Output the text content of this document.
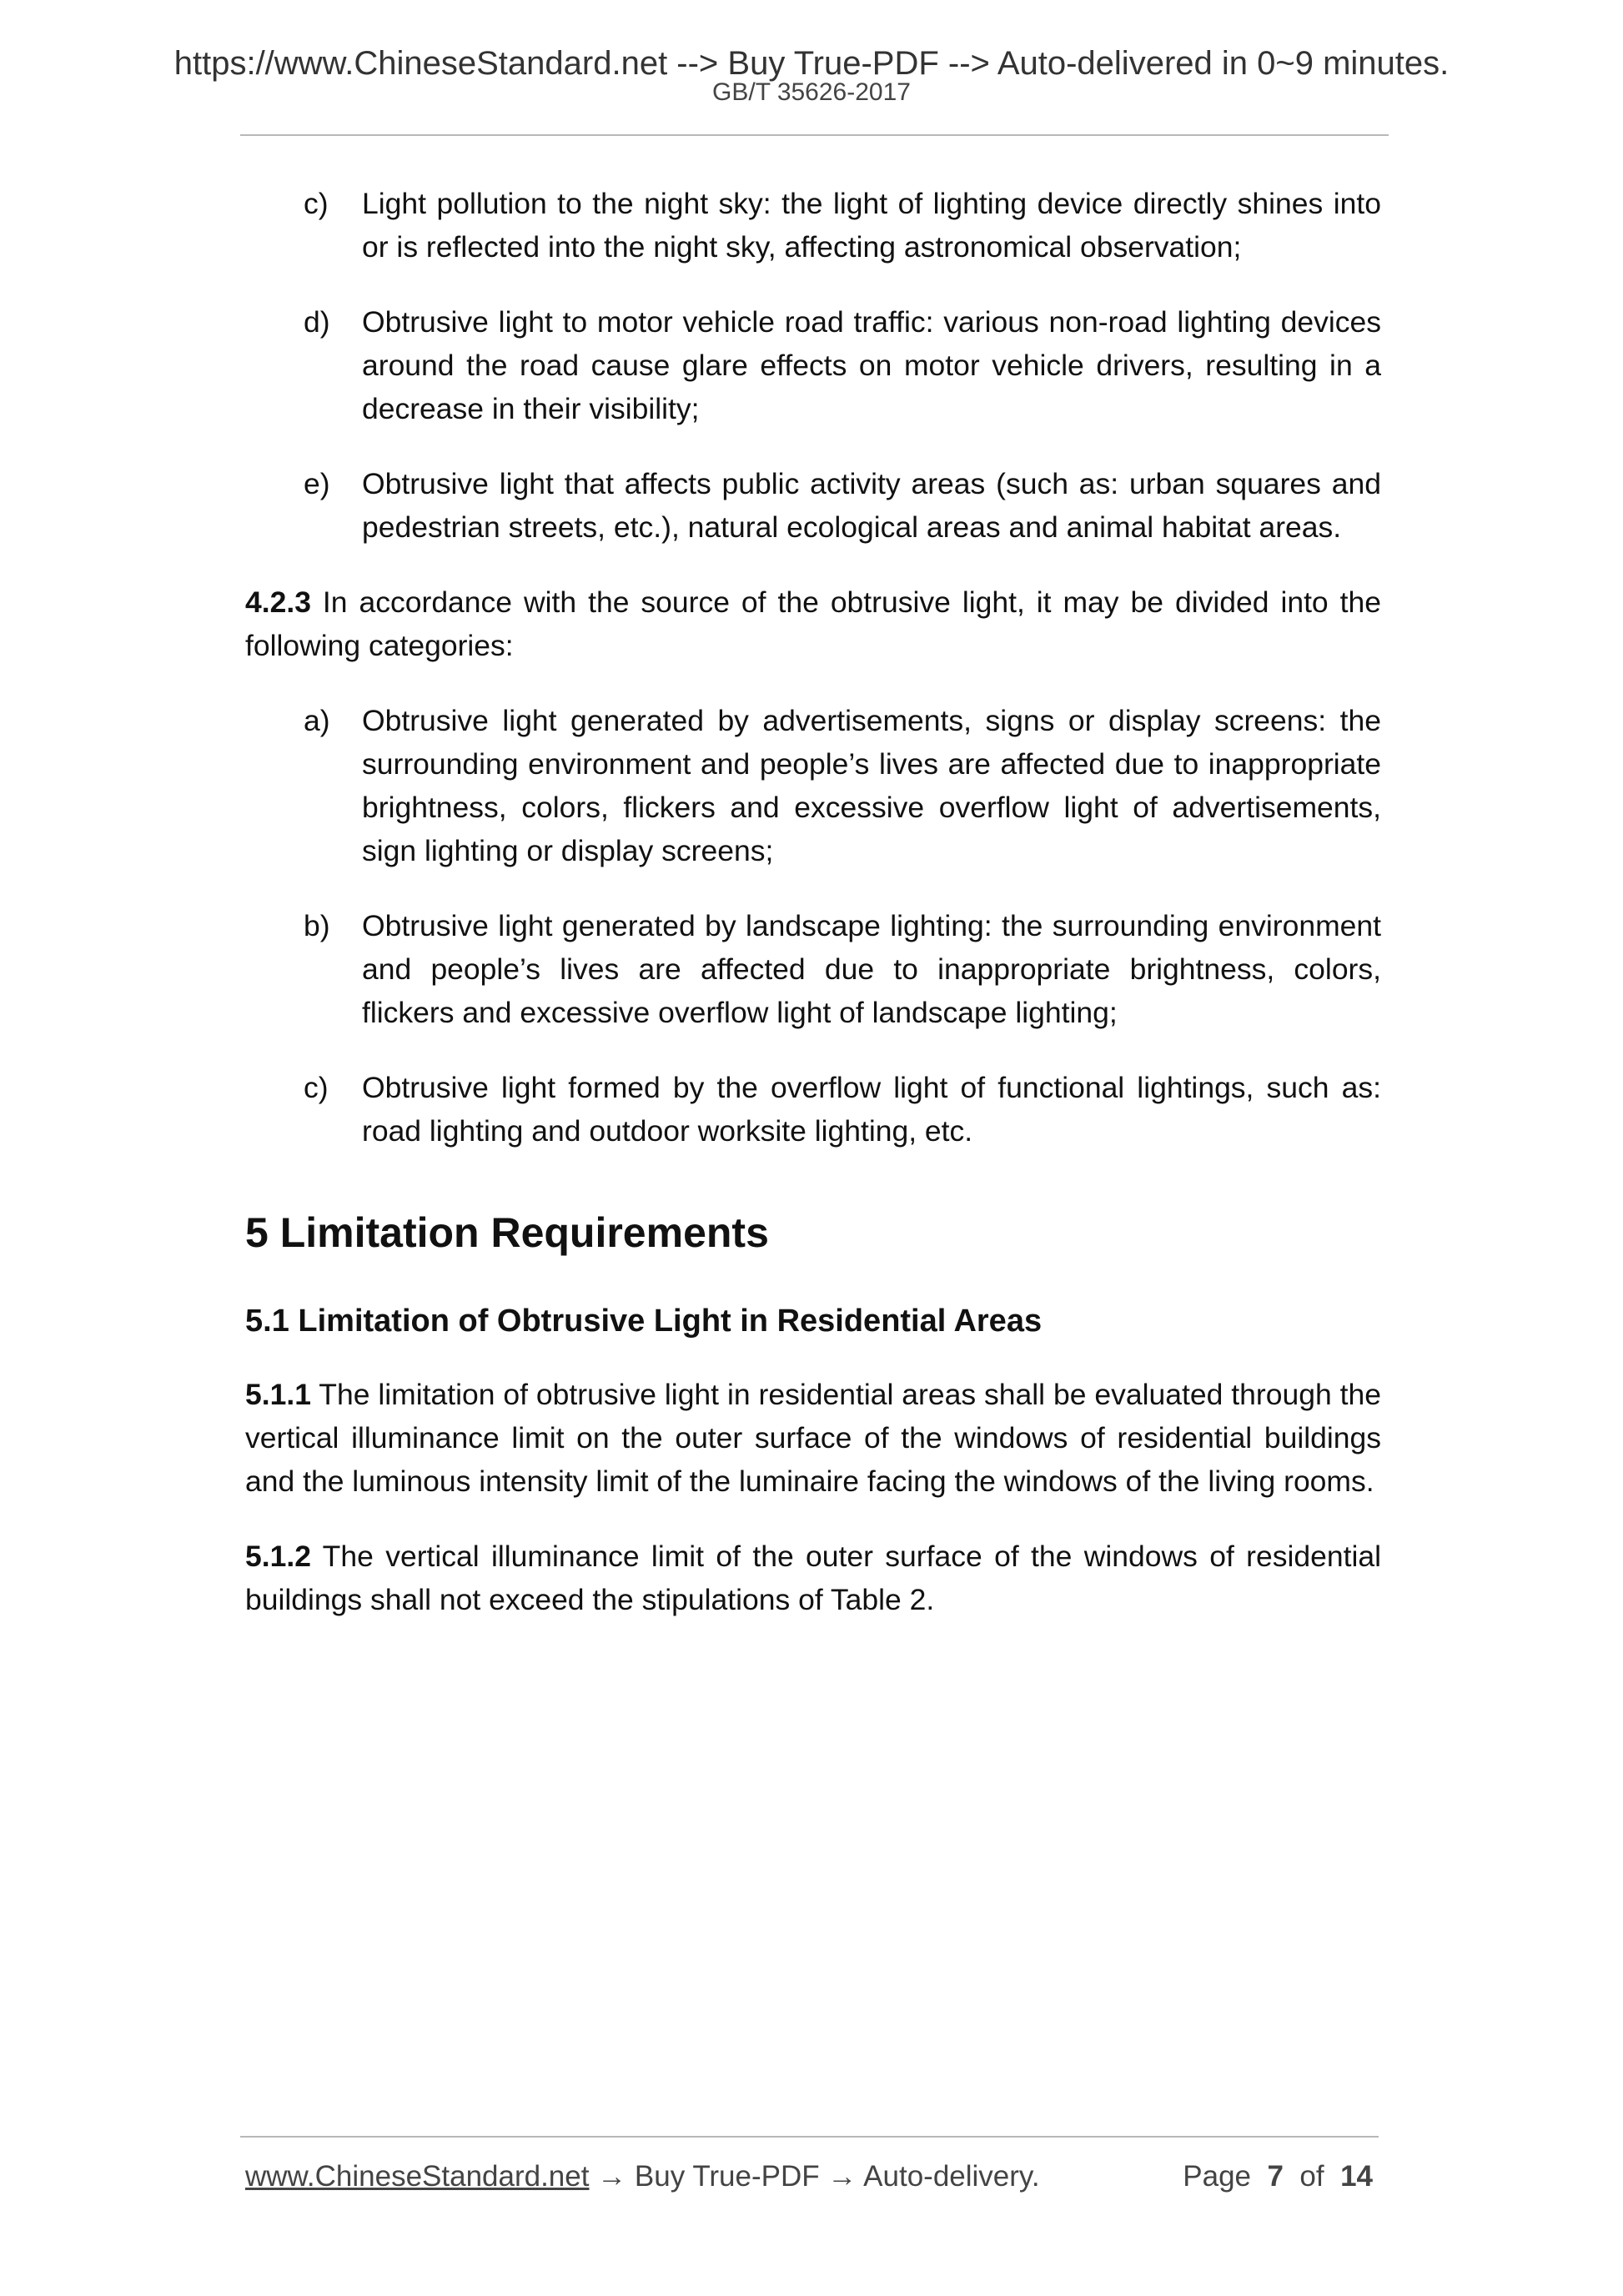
https://www.ChineseStandard.net --> Buy True-PDF --> Auto-delivered in 0~9 minutes.
GB/T 35626-2017
c) Light pollution to the night sky: the light of lighting device directly shines into or is reflected into the night sky, affecting astronomical observation;
d) Obtrusive light to motor vehicle road traffic: various non-road lighting devices around the road cause glare effects on motor vehicle drivers, resulting in a decrease in their visibility;
e) Obtrusive light that affects public activity areas (such as: urban squares and pedestrian streets, etc.), natural ecological areas and animal habitat areas.

4.2.3 In accordance with the source of the obtrusive light, it may be divided into the following categories:

a) Obtrusive light generated by advertisements, signs or display screens: the surrounding environment and people’s lives are affected due to inappropriate brightness, colors, flickers and excessive overflow light of advertisements, sign lighting or display screens;
b) Obtrusive light generated by landscape lighting: the surrounding environment and people’s lives are affected due to inappropriate brightness, colors, flickers and excessive overflow light of landscape lighting;
c) Obtrusive light formed by the overflow light of functional lightings, such as: road lighting and outdoor worksite lighting, etc.
5 Limitation Requirements
5.1 Limitation of Obtrusive Light in Residential Areas

5.1.1 The limitation of obtrusive light in residential areas shall be evaluated through the vertical illuminance limit on the outer surface of the windows of residential buildings and the luminous intensity limit of the luminaire facing the windows of the living rooms.

5.1.2 The vertical illuminance limit of the outer surface of the windows of residential buildings shall not exceed the stipulations of Table 2.

www.ChineseStandard.net → Buy True-PDF → Auto-delivery.	Page 7 of 14
